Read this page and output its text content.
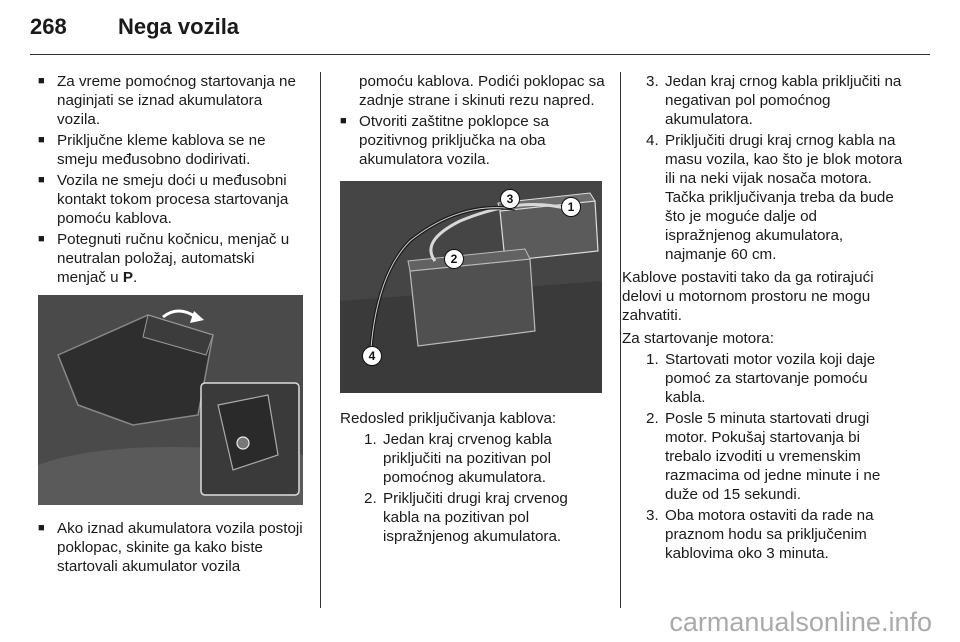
268	Nega vozila
■ Za vreme pomoćnog startovanja ne naginjati se iznad akumulatora vozila.
■ Priključne kleme kablova se ne smeju međusobno dodirivati.
■ Vozila ne smeju doći u međusobni kontakt tokom procesa startovanja pomoću kablova.
■ Potegnuti ručnu kočnicu, menjač u neutralan položaj, automatski menjač u P.
■ Ako iznad akumulatora vozila postoji poklopac, skinite ga kako biste startovali akumulator vozila
pomoću kablova. Podići poklopac sa zadnje strane i skinuti rezu napred.
■ Otvoriti zaštitne poklopce sa pozitivnog priključka na oba akumulatora vozila.
1
2
3
4
Redosled priključivanja kablova:
1. Jedan kraj crvenog kabla priključiti na pozitivan pol pomoćnog akumulatora.
2. Priključiti drugi kraj crvenog kabla na pozitivan pol ispražnjenog akumulatora.
3. Jedan kraj crnog kabla priključiti na negativan pol pomoćnog akumulatora.
4. Priključiti drugi kraj crnog kabla na masu vozila, kao što je blok motora ili na neki vijak nosača motora. Tačka priključivanja treba da bude što je moguće dalje od ispražnjenog akumulatora, najmanje 60 cm.
Kablove postaviti tako da ga rotirajući delovi u motornom prostoru ne mogu zahvatiti.
Za startovanje motora:
1. Startovati motor vozila koji daje pomoć za startovanje pomoću kabla.
2. Posle 5 minuta startovati drugi motor. Pokušaj startovanja bi trebalo izvoditi u vremenskim razmacima od jedne minute i ne duže od 15 sekundi.
3. Oba motora ostaviti da rade na praznom hodu sa priključenim kablovima oko 3 minuta.
carmanualsonline.info
